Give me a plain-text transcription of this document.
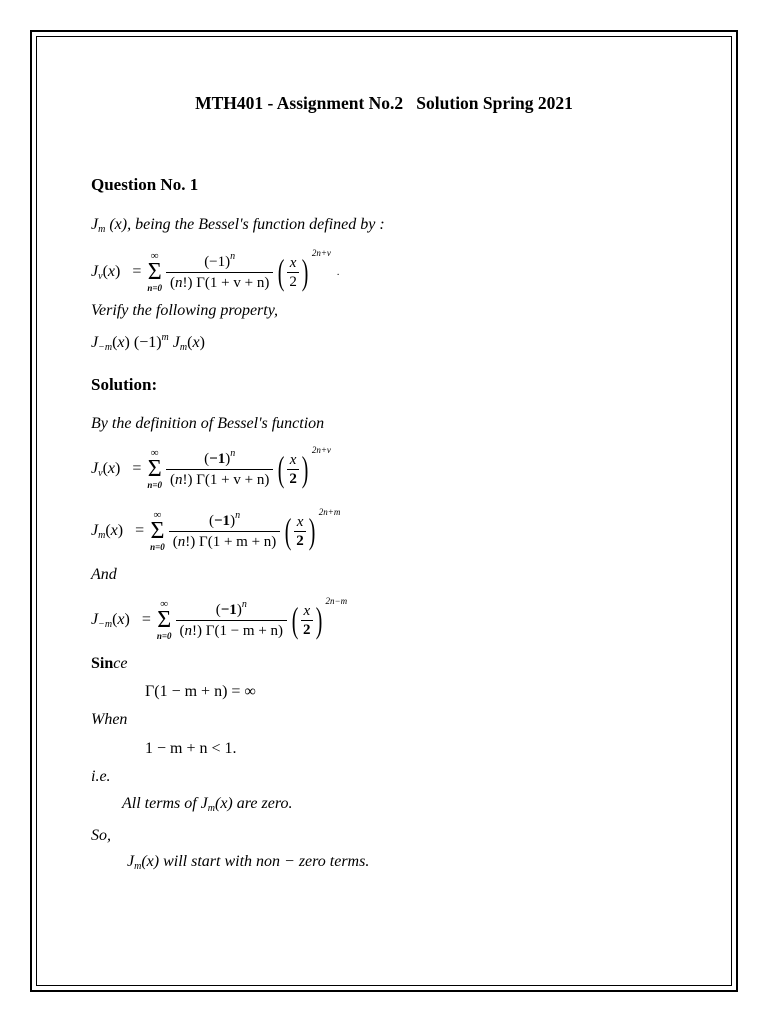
MTH401 - Assignment No.2   Solution Spring 2021
Question No. 1
$J_m$ (x), being the Bessel's function defined by :
$J_v(x)$ =
∞
Σ
$n=0 \frac{(-1)^n}{(n!) \Gamma(1 + v + n)}$ ( $\frac{x}{2}$ ) 2n+v
.
Verify the following property,
$J_{-m}(x)$ $(-1)^m$ $J_m(x)$
Solution:
By the definition of Bessel's function
$J_v(x)$ =
∞
Σ
$n=0 \frac{(-1)^n}{(n!) \Gamma(1 + v + n)}$ ( $\frac{x}{2}$ ) 2n+v
$J_m(x)$ =
∞
Σ
$n=0 \frac{(-1)^n}{(n!) \Gamma(1 + m + n)}$ ( $\frac{x}{2}$ ) 2n+m
And
$J_{-m}(x)$ =
∞
Σ
$n=0 \frac{(-1)^n}{(n!) \Gamma(1 - m + n)}$ ( $\frac{x}{2}$ ) 2n−m
Since
Γ(1 − m + n) = ∞
When
1 − m + n < 1.
i.e.
All terms of $J_m(x)$ are zero.
So,
$J_m(x)$ will start with non − zero terms.
